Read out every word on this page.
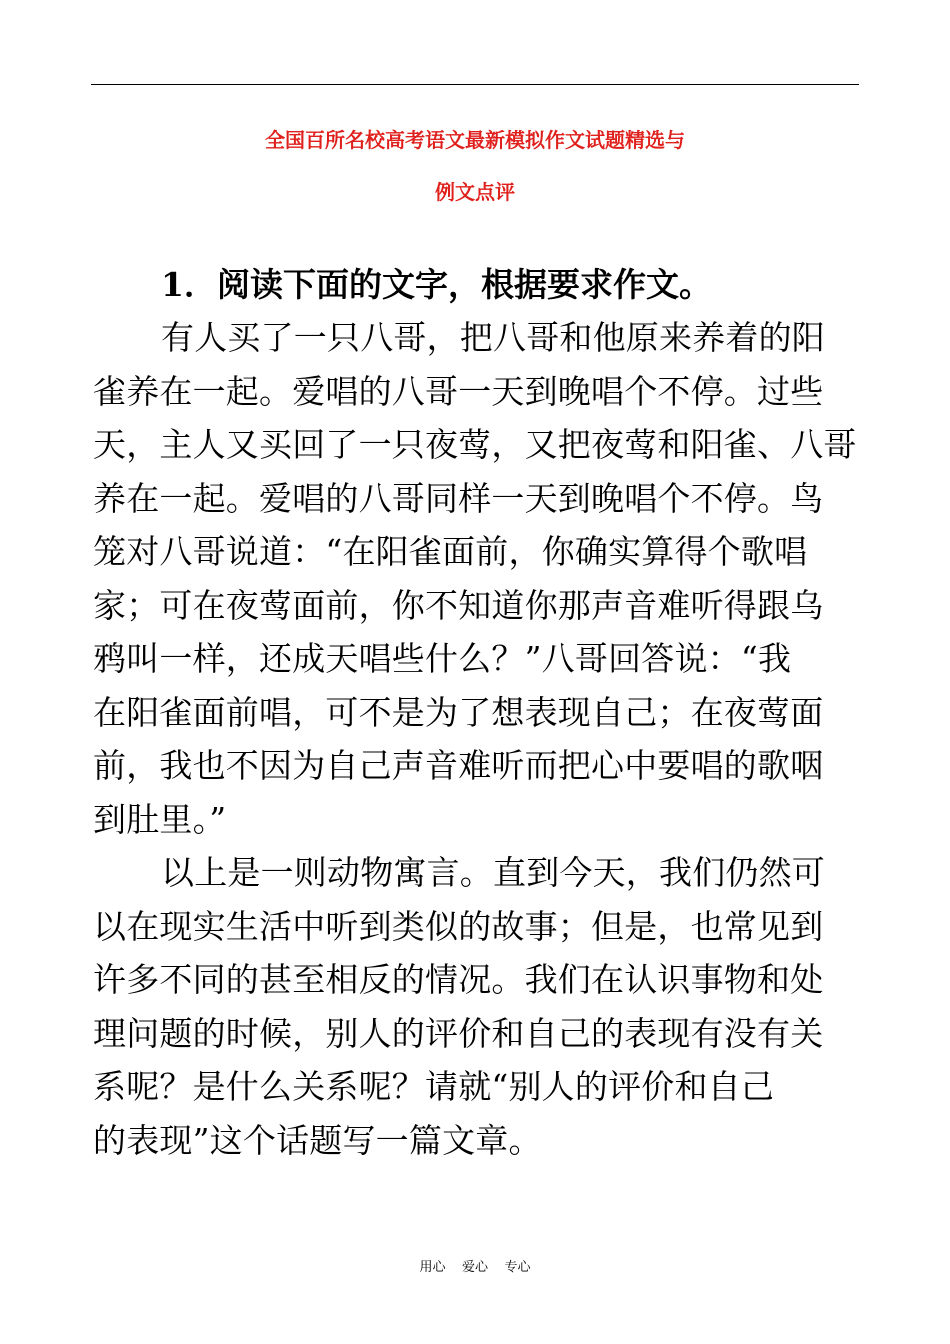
全国百所名校高考语文最新模拟作文试题精选与
例文点评
1．阅读下面的文字，根据要求作文。
有人买了一只八哥，把八哥和他原来养着的阳
雀养在一起。爱唱的八哥一天到晚唱个不停。过些
天，主人又买回了一只夜莺，又把夜莺和阳雀、八哥
养在一起。爱唱的八哥同样一天到晚唱个不停。鸟
笼对八哥说道：“在阳雀面前，你确实算得个歌唱
家；可在夜莺面前，你不知道你那声音难听得跟乌
鸦叫一样，还成天唱些什么？”八哥回答说：“我
在阳雀面前唱，可不是为了想表现自己；在夜莺面
前，我也不因为自己声音难听而把心中要唱的歌咽
到肚里。”
以上是一则动物寓言。直到今天，我们仍然可
以在现实生活中听到类似的故事；但是，也常见到
许多不同的甚至相反的情况。我们在认识事物和处
理问题的时候，别人的评价和自己的表现有没有关
系呢？是什么关系呢？请就“别人的评价和自己
的表现”这个话题写一篇文章。
用心    爱心    专心
